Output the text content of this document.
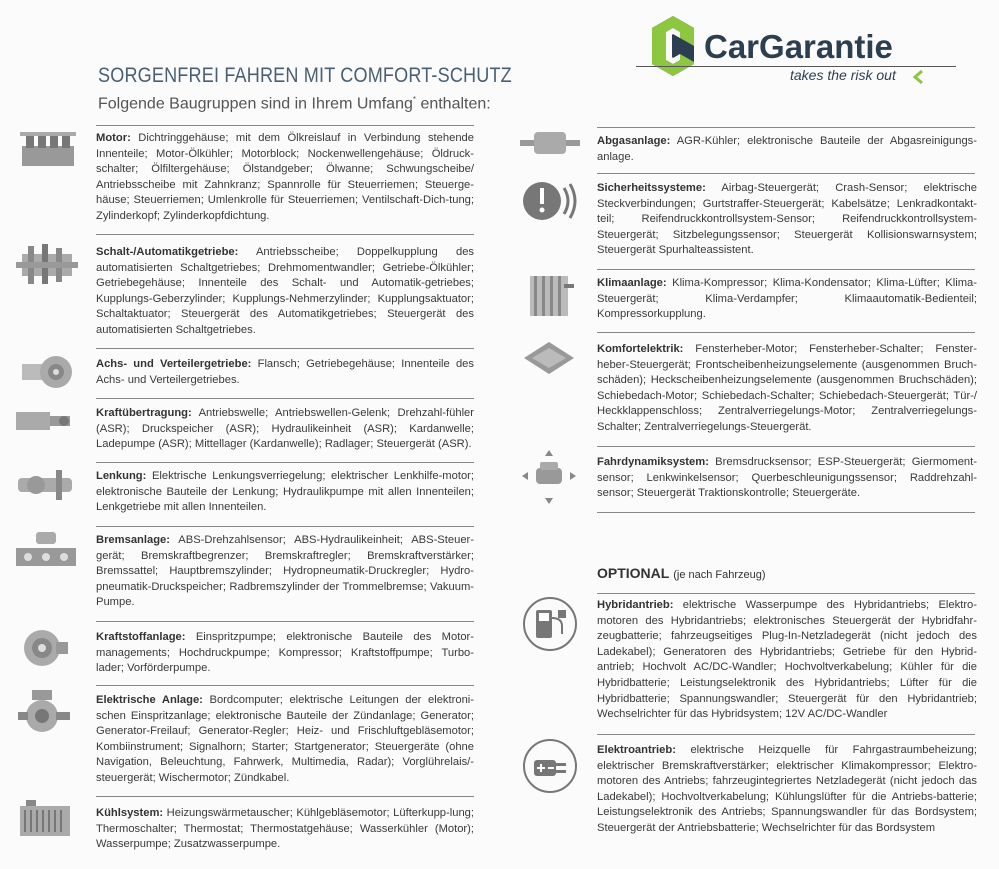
CarGarantie
takes the risk out
SORGENFREI FAHREN MIT COMFORT-SCHUTZ
Folgende Baugruppen sind in Ihrem Umfang* enthalten:
Motor: Dichtringgehäuse; mit dem Ölkreislauf in Verbindung stehende Innenteile; Motor-Ölkühler; Motorblock; Nockenwellengehäuse; Öldruck-schalter; Ölfiltergehäuse; Ölstandgeber; Ölwanne; Schwungscheibe/ Antriebsscheibe mit Zahnkranz; Spannrolle für Steuerriemen; Steuerge-häuse; Steuerriemen; Umlenkrolle für Steuerriemen; Ventilschaft-Dich-tung; Zylinderkopf; Zylinderkopfdichtung.
Schalt-/Automatikgetriebe: Antriebsscheibe; Doppelkupplung des automatisierten Schaltgetriebes; Drehmomentwandler; Getriebe-Ölkühler; Getriebegehäuse; Innenteile des Schalt- und Automatik-getriebes; Kupplungs-Geberzylinder; Kupplungs-Nehmerzylinder; Kupplungsaktuator; Schaltaktuator; Steuergerät des Automatikgetriebes; Steuergerät des automatisierten Schaltgetriebes.
Achs- und Verteilergetriebe: Flansch; Getriebegehäuse; Innenteile des Achs- und Verteilergetriebes.
Kraftübertragung: Antriebswelle; Antriebswellen-Gelenk; Drehzahl-fühler (ASR); Druckspeicher (ASR); Hydraulikeinheit (ASR); Kardanwelle; Ladepumpe (ASR); Mittellager (Kardanwelle); Radlager; Steuergerät (ASR).
Lenkung: Elektrische Lenkungsverriegelung; elektrischer Lenkhilfe-motor; elektronische Bauteile der Lenkung; Hydraulikpumpe mit allen Innenteilen; Lenkgetriebe mit allen Innenteilen.
Bremsanlage: ABS-Drehzahlsensor; ABS-Hydraulikeinheit; ABS-Steuer-gerät; Bremskraftbegrenzer; Bremskraftregler; Bremskraftverstärker; Bremssattel; Hauptbremszylinder; Hydropneumatik-Druckregler; Hydro-pneumatik-Druckspeicher; Radbremszylinder der Trommelbremse; Vakuum-Pumpe.
Kraftstoffanlage: Einspritzpumpe; elektronische Bauteile des Motor-managements; Hochdruckpumpe; Kompressor; Kraftstoffpumpe; Turbo-lader; Vorförderpumpe.
Elektrische Anlage: Bordcomputer; elektrische Leitungen der elektroni-schen Einspritzanlage; elektronische Bauteile der Zündanlage; Generator; Generator-Freilauf; Generator-Regler; Heiz- und Frischluftgebläsemotor; Kombiinstrument; Signalhorn; Starter; Startgenerator; Steuergeräte (ohne Navigation, Beleuchtung, Fahrwerk, Multimedia, Radar); Vorglührelais/-steuergerät; Wischermotor; Zündkabel.
Kühlsystem: Heizungswärmetauscher; Kühlgebläsemotor; Lüfterkupp-lung; Thermoschalter; Thermostat; Thermostatgehäuse; Wasserkühler (Motor); Wasserpumpe; Zusatzwasserpumpe.
Abgasanlage: AGR-Kühler; elektronische Bauteile der Abgasreinigungs-anlage.
Sicherheitssysteme: Airbag-Steuergerät; Crash-Sensor; elektrische Steckverbindungen; Gurtstraffer-Steuergerät; Kabelsätze; Lenkradkontakt-teil; Reifendruckkontrollsystem-Sensor; Reifendruckkontrollsystem-Steuergerät; Sitzbelegungssensor; Steuergerät Kollisionswarnsystem; Steuergerät Spurhalteassistent.
Klimaanlage: Klima-Kompressor; Klima-Kondensator; Klima-Lüfter; Klima-Steuergerät; Klima-Verdampfer; Klimaautomatik-Bedienteil; Kompressorkupplung.
Komfortelektrik: Fensterheber-Motor; Fensterheber-Schalter; Fenster-heber-Steuergerät; Frontscheibenheizungselemente (ausgenommen Bruch-schäden); Heckscheibenheizungselemente (ausgenommen Bruchschäden); Schiebedach-Motor; Schiebedach-Schalter; Schiebedach-Steuergerät; Tür-/ Heckklappenschloss; Zentralverriegelungs-Motor; Zentralverriegelungs-Schalter; Zentralverriegelungs-Steuergerät.
Fahrdynamiksystem: Bremsdrucksensor; ESP-Steuergerät; Giermoment-sensor; Lenkwinkelsensor; Querbeschleunigungssensor; Raddrehzahl-sensor; Steuergerät Traktionskontrolle; Steuergeräte.
OPTIONAL (je nach Fahrzeug)
Hybridantrieb: elektrische Wasserpumpe des Hybridantriebs; Elektro-motoren des Hybridantriebs; elektronisches Steuergerät der Hybridfahr-zeugbatterie; fahrzeugseitiges Plug-In-Netzladegerät (nicht jedoch des Ladekabel); Generatoren des Hybridantriebs; Getriebe für den Hybrid-antrieb; Hochvolt AC/DC-Wandler; Hochvoltverkabelung; Kühler für die Hybridbatterie; Leistungselektronik des Hybridantriebs; Lüfter für die Hybridbatterie; Spannungswandler; Steuergerät für den Hybridantrieb; Wechselrichter für das Hybridsystem; 12V AC/DC-Wandler
Elektroantrieb: elektrische Heizquelle für Fahrgastraumbeheizung; elektrischer Bremskraftverstärker; elektrischer Klimakompressor; Elektro-motoren des Antriebs; fahrzeugintegriertes Netzladegerät (nicht jedoch das Ladekabel); Hochvoltverkabelung; Kühlungslüfter für die Antriebs-batterie; Leistungselektronik des Antriebs; Spannungswandler für das Bordsystem; Steuergerät der Antriebsbatterie; Wechselrichter für das Bordsystem
